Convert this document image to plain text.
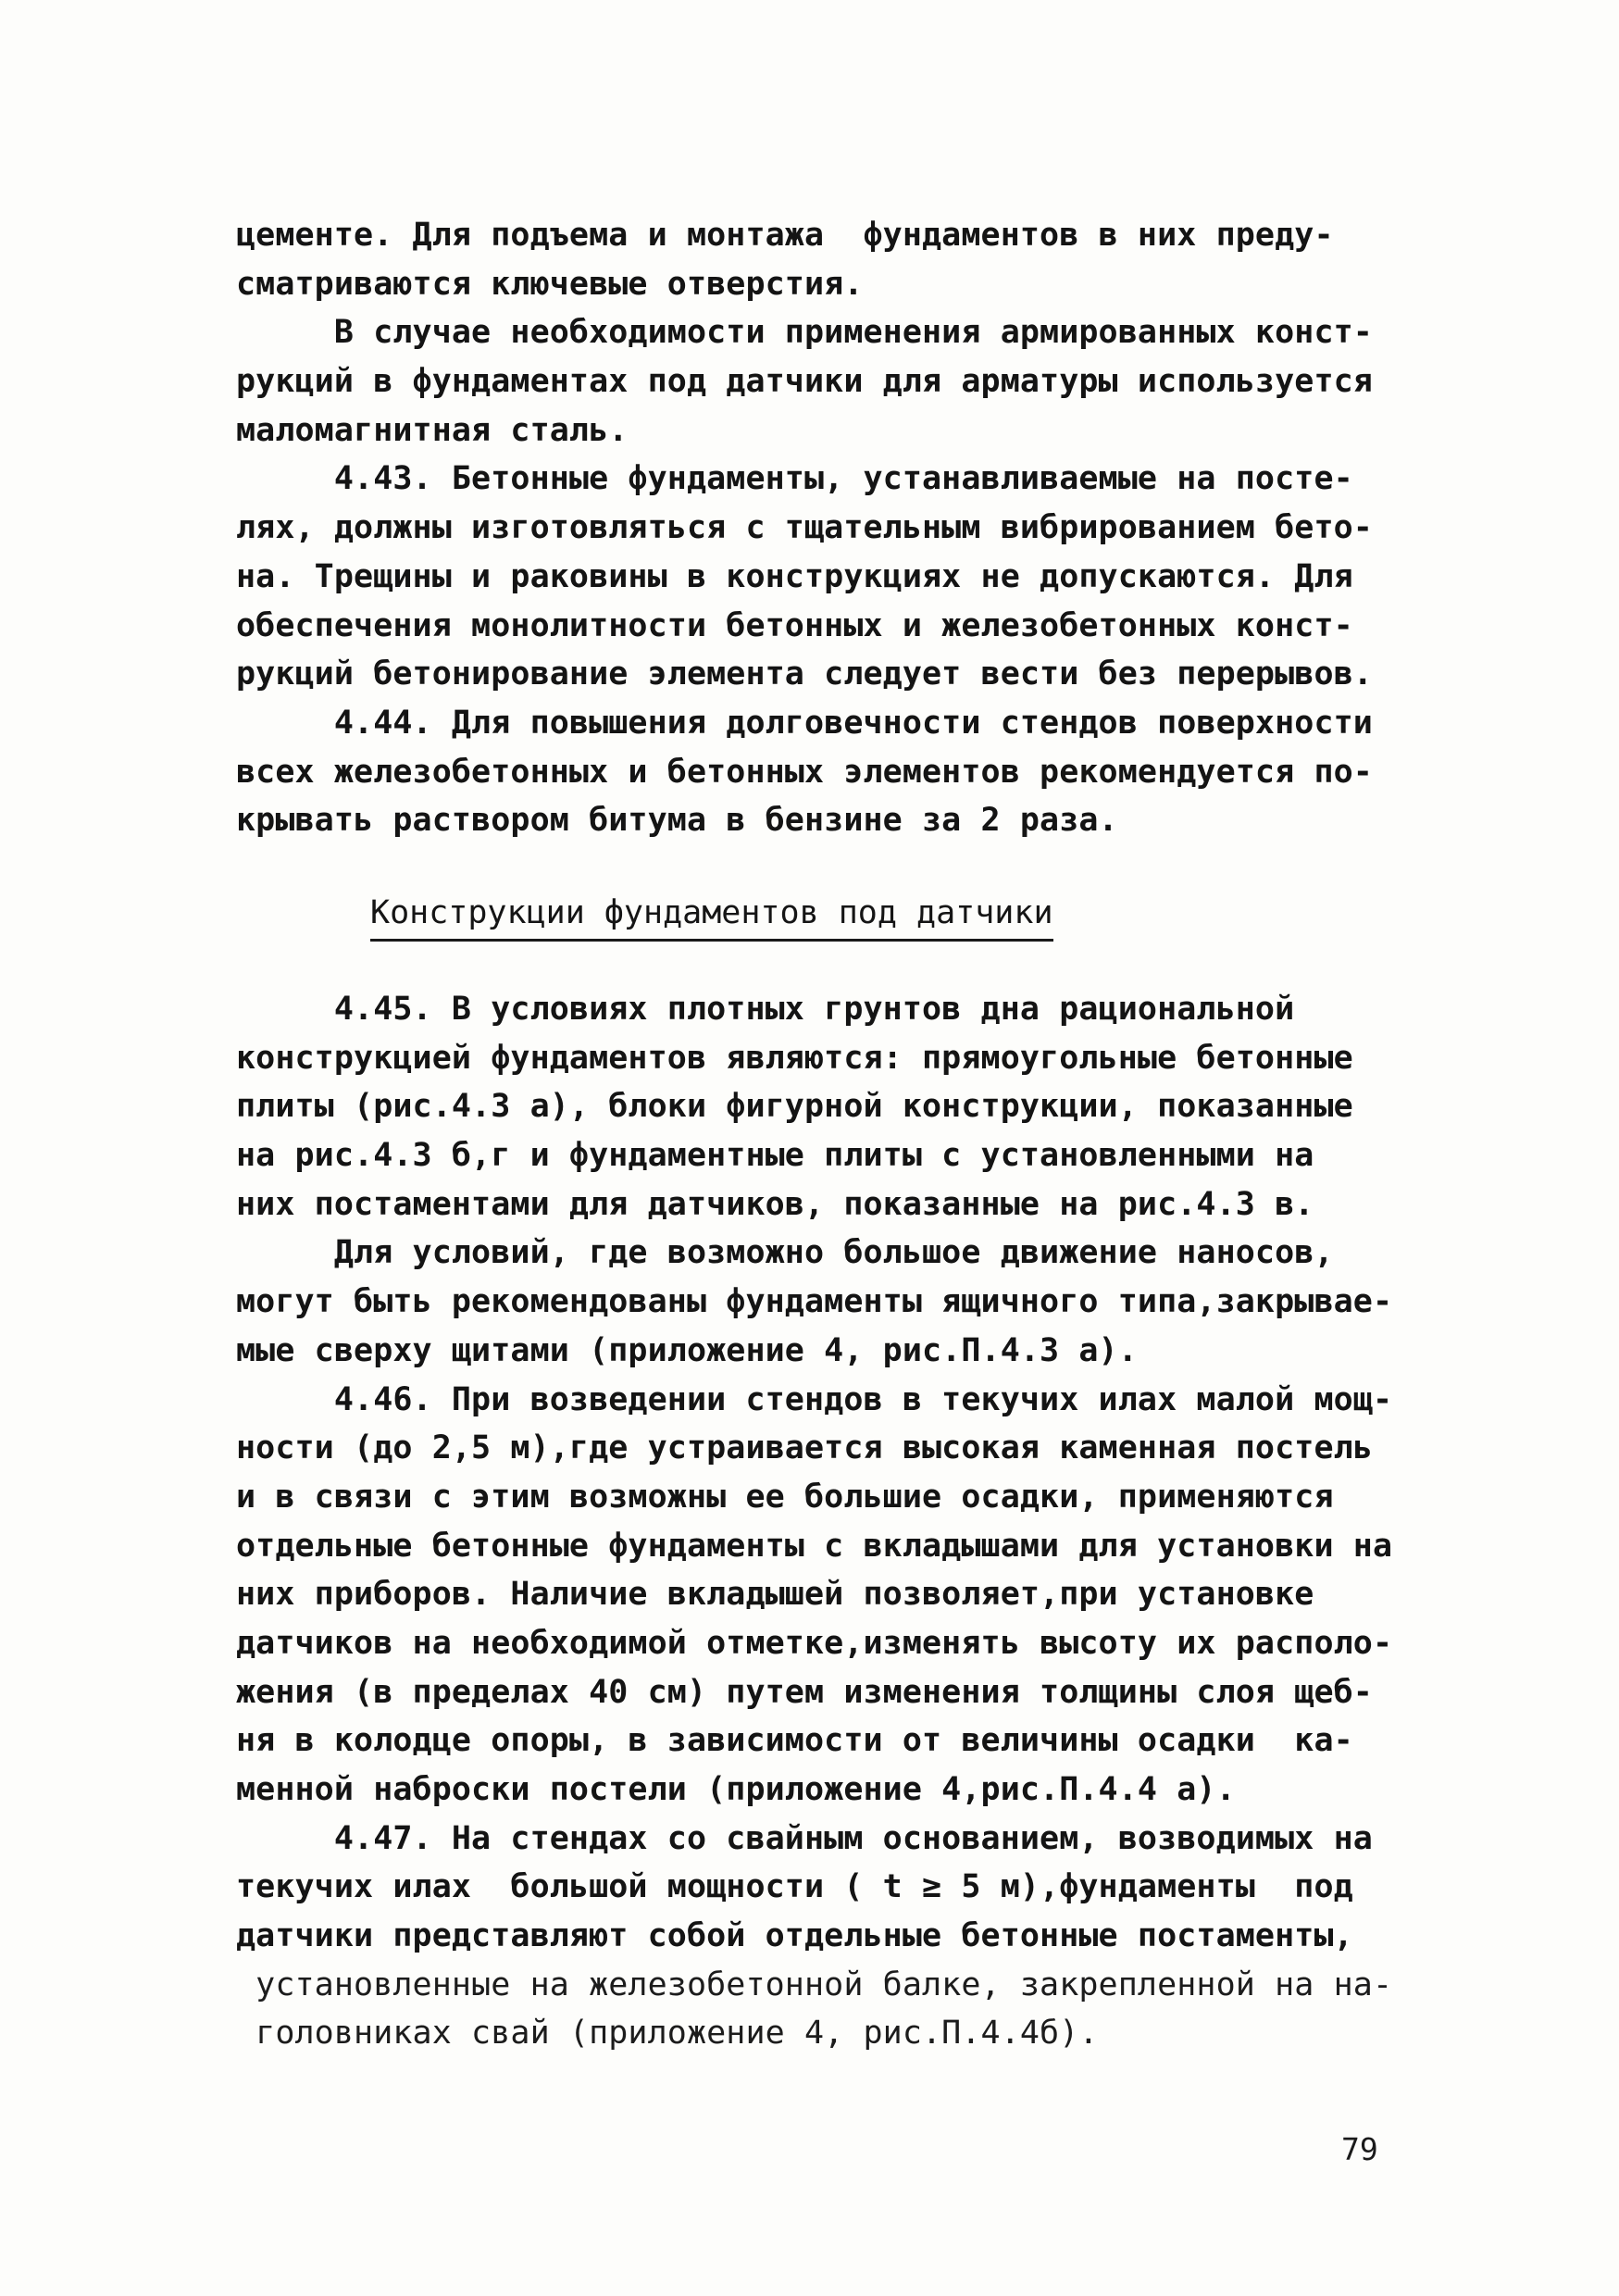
цементе. Для подъема и монтажа  фундаментов в них преду-
сматриваются ключевые отверстия.
В случае необходимости применения армированных конст-
рукций в фундаментах под датчики для арматуры используется
маломагнитная сталь.
4.43. Бетонные фундаменты, устанавливаемые на посте-
лях, должны изготовляться с тщательным вибрированием бето-
на. Трещины и раковины в конструкциях не допускаются. Для
обеспечения монолитности бетонных и железобетонных конст-
рукций бетонирование элемента следует вести без перерывов.
4.44. Для повышения долговечности стендов поверхности
всех железобетонных и бетонных элементов рекомендуется по-
крывать раствором битума в бензине за 2 раза.
Конструкции фундаментов под датчики
4.45. В условиях плотных грунтов дна рациональной
конструкцией фундаментов являются: прямоугольные бетонные
плиты (рис.4.3 а), блоки фигурной конструкции, показанные
на рис.4.3 б,г и фундаментные плиты с установленными на
них постаментами для датчиков, показанные на рис.4.3 в.
Для условий, где возможно большое движение наносов,
могут быть рекомендованы фундаменты ящичного типа,закрывае-
мые сверху щитами (приложение 4, рис.П.4.3 а).
4.46. При возведении стендов в текучих илах малой мощ-
ности (до 2,5 м),где устраивается высокая каменная постель
и в связи с этим возможны ее большие осадки, применяются
отдельные бетонные фундаменты с вкладышами для установки на
них приборов. Наличие вкладышей позволяет,при установке
датчиков на необходимой отметке,изменять высоту их располо-
жения (в пределах 40 см) путем изменения толщины слоя щеб-
ня в колодце опоры, в зависимости от величины осадки  ка-
менной наброски постели (приложение 4,рис.П.4.4 а).
4.47. На стендах со свайным основанием, возводимых на
текучих илах  большой мощности ( t ≥ 5 м),фундаменты  под
датчики представляют собой отдельные бетонные постаменты,
установленные на железобетонной балке, закрепленной на на-
головниках свай (приложение 4, рис.П.4.4б).
79
